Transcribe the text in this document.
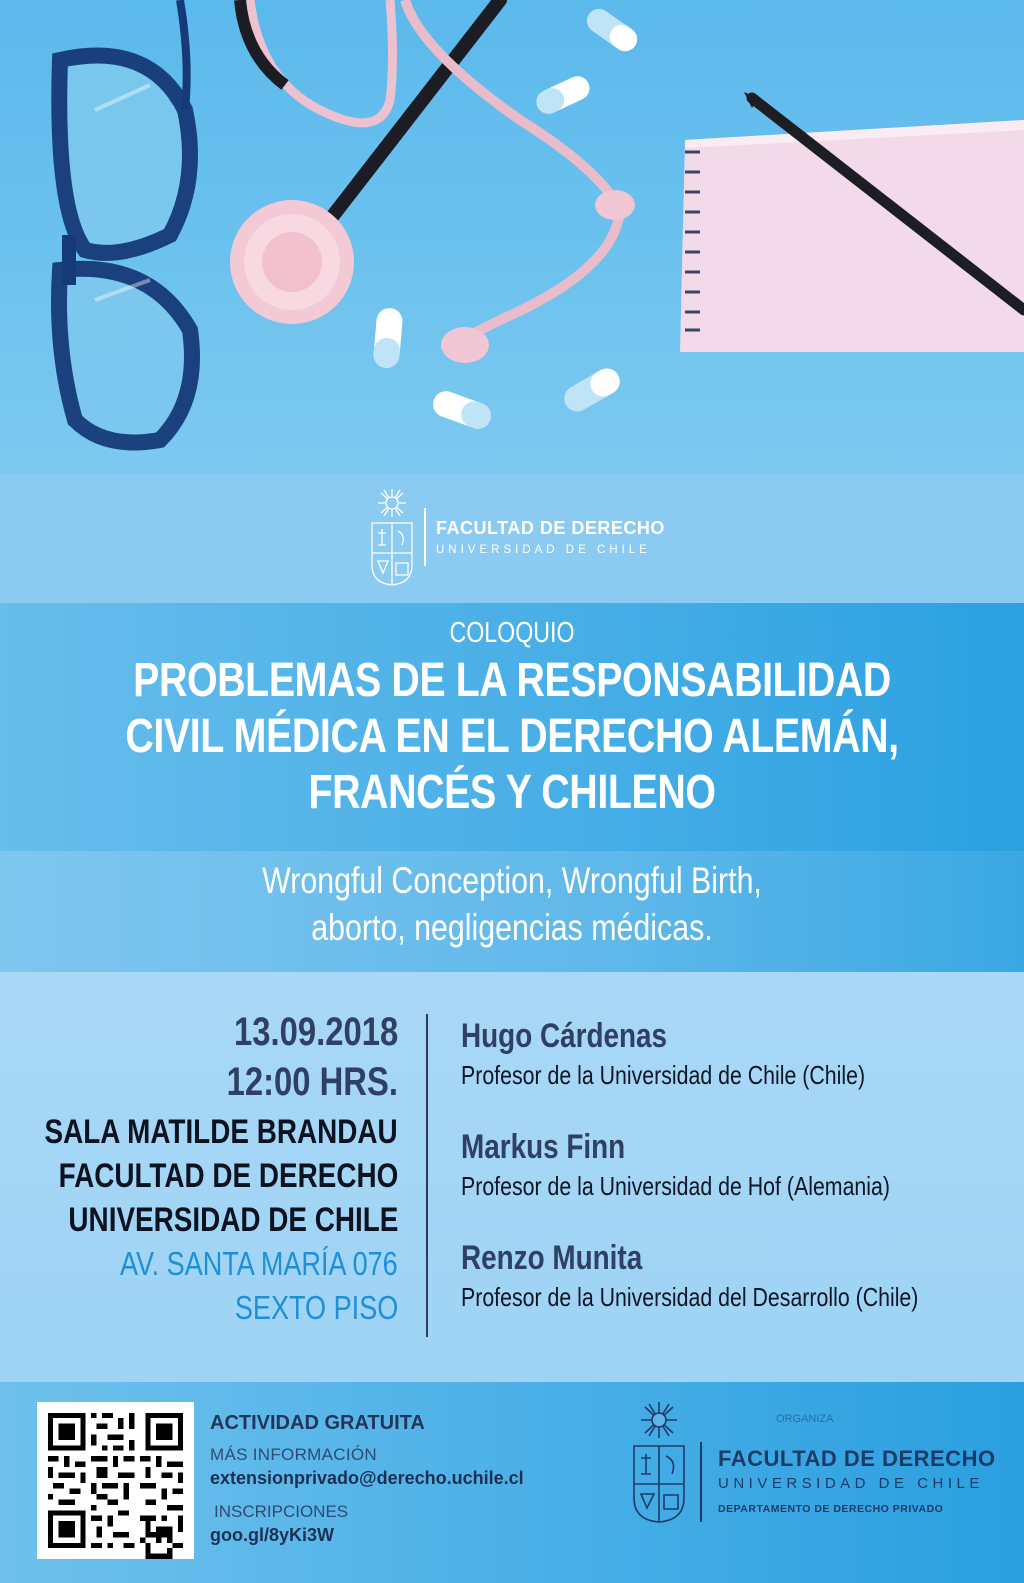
FACULTAD DE DERECHO
UNIVERSIDAD DE CHILE
COLOQUIO
PROBLEMAS DE LA RESPONSABILIDAD
CIVIL MÉDICA EN EL DERECHO ALEMÁN,
FRANCÉS Y CHILENO
Wrongful Conception, Wrongful Birth,
aborto, negligencias médicas.
13.09.2018
12:00 HRS.
SALA MATILDE BRANDAU
FACULTAD DE DERECHO
UNIVERSIDAD DE CHILE
AV. SANTA MARÍA 076
SEXTO PISO
Hugo Cárdenas
Profesor de la Universidad de Chile (Chile)
Markus Finn
Profesor de la Universidad de Hof (Alemania)
Renzo Munita
Profesor de la Universidad del Desarrollo (Chile)
ACTIVIDAD GRATUITA
MÁS INFORMACIÓN
extensionprivado@derecho.uchile.cl
INSCRIPCIONES
goo.gl/8yKi3W
ORGANIZA
FACULTAD DE DERECHO
UNIVERSIDAD DE CHILE
DEPARTAMENTO DE DERECHO PRIVADO
